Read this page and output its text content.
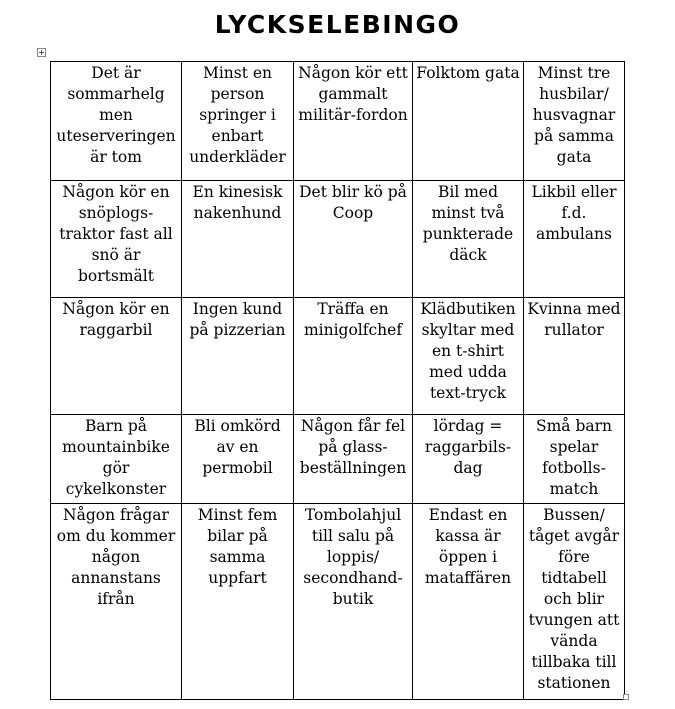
LYCKSELEBINGO
Det är sommarhelg men uteserveringen är tom	Minst en person springer i enbart underkläder	Någon kör ett gammalt militär-fordon	Folktom gata	Minst tre husbilar/ husvagnar på samma gata
Någon kör en snöplogs-traktor fast all snö är bortsmält	En kinesisk nakenhund	Det blir kö på Coop	Bil med minst två punkterade däck	Likbil eller f.d. ambulans
Någon kör en raggarbil	Ingen kund på pizzerian	Träffa en minigolfchef	Klädbutiken skyltar med en t-shirt med udda text-tryck	Kvinna med rullator
Barn på mountainbike gör cykelkonster	Bli omkörd av en permobil	Någon får fel på glass-beställningen	lördag = raggarbils-dag	Små barn spelar fotbolls-match
Någon frågar om du kommer någon annanstans ifrån	Minst fem bilar på samma uppfart	Tombolahjul till salu på loppis/ secondhand-butik	Endast en kassa är öppen i mataffären	Bussen/ tåget avgår före tidtabell och blir tvungen att vända tillbaka till stationen
